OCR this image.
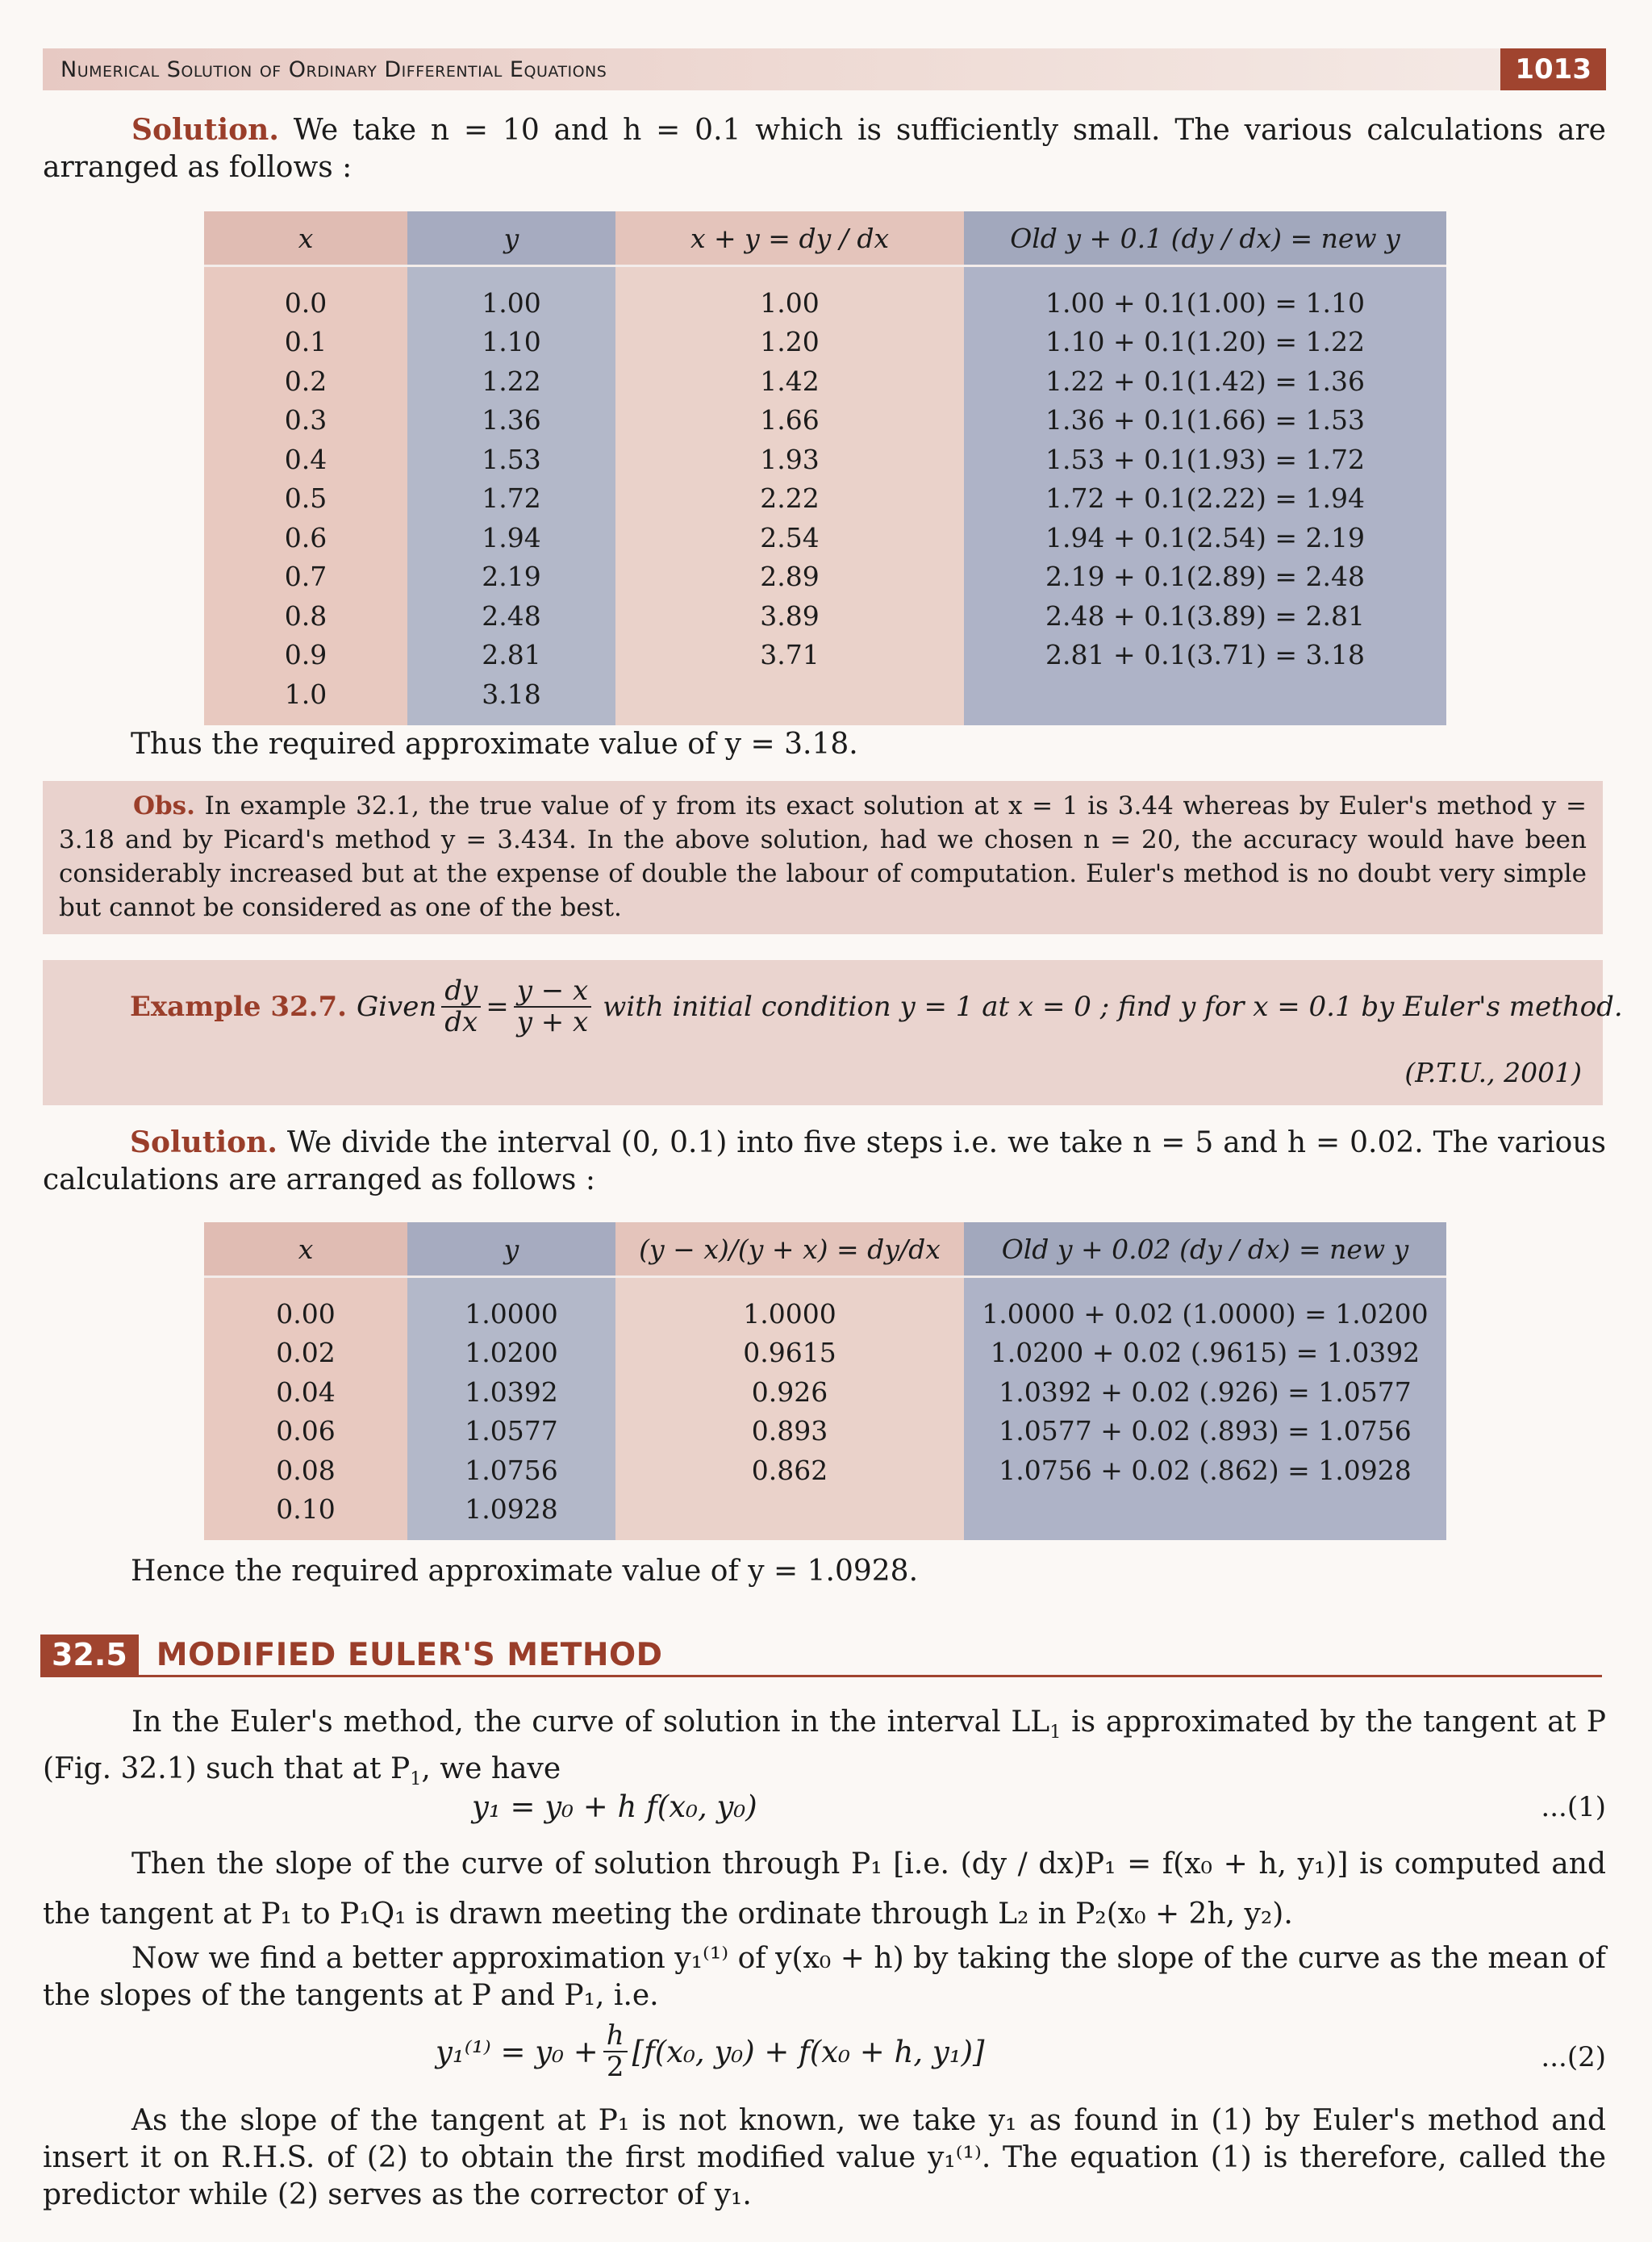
Numerical Solution of Ordinary Differential Equations	1013

Solution. We take n = 10 and h = 0.1 which is sufficiently small. The various calculations are arranged as follows :

x	y	x + y = dy / dx	Old y + 0.1 (dy / dx) = new y

0.0	1.00	1.00	1.00 + 0.1(1.00) = 1.10
0.1	1.10	1.20	1.10 + 0.1(1.20) = 1.22
0.2	1.22	1.42	1.22 + 0.1(1.42) = 1.36
0.3	1.36	1.66	1.36 + 0.1(1.66) = 1.53
0.4	1.53	1.93	1.53 + 0.1(1.93) = 1.72
0.5	1.72	2.22	1.72 + 0.1(2.22) = 1.94
0.6	1.94	2.54	1.94 + 0.1(2.54) = 2.19
0.7	2.19	2.89	2.19 + 0.1(2.89) = 2.48
0.8	2.48	3.89	2.48 + 0.1(3.89) = 2.81
0.9	2.81	3.71	2.81 + 0.1(3.71) = 3.18
1.0	3.18		

Thus the required approximate value of y = 3.18.

Obs. In example 32.1, the true value of y from its exact solution at x = 1 is 3.44 whereas by Euler's method y = 3.18 and by Picard's method y = 3.434. In the above solution, had we chosen n = 20, the accuracy would have been considerably increased but at the expense of double the labour of computation. Euler's method is no doubt very simple but cannot be considered as one of the best.

Example 32.7. Given $\frac{dy}{dx} = \frac{y - x}{y + x}$ with initial condition y = 1 at x = 0 ; find y for x = 0.1 by Euler's method.
(P.T.U., 2001)

Solution. We divide the interval (0, 0.1) into five steps i.e. we take n = 5 and h = 0.02. The various calculations are arranged as follows :

x	y	(y − x)/(y + x) = dy/dx	Old y + 0.02 (dy / dx) = new y

0.00	1.0000	1.0000	1.0000 + 0.02 (1.0000) = 1.0200
0.02	1.0200	0.9615	1.0200 + 0.02 (.9615) = 1.0392
0.04	1.0392	0.926	1.0392 + 0.02 (.926) = 1.0577
0.06	1.0577	0.893	1.0577 + 0.02 (.893) = 1.0756
0.08	1.0756	0.862	1.0756 + 0.02 (.862) = 1.0928
0.10	1.0928		

Hence the required approximate value of y = 1.0928.

32.5 MODIFIED EULER'S METHOD

In the Euler's method, the curve of solution in the interval $LL_1$ is approximated by the tangent at P (Fig. 32.1) such that at $P_1$, we have

y₁ = y₀ + h f(x₀, y₀)	...(1)

Then the slope of the curve of solution through P₁ [i.e. (dy / dx)P₁ = f(x₀ + h, y₁)] is computed and the tangent at P₁ to P₁Q₁ is drawn meeting the ordinate through L₂ in P₂(x₀ + 2h, y₂).

Now we find a better approximation y₁⁽¹⁾ of y(x₀ + h) by taking the slope of the curve as the mean of the slopes of the tangents at P and P₁, i.e.

$y_1^{(1)} = y_0 + \frac{h}{2} [f(x_0$, y₀) + f(x₀ + h, y₁)]	...(2)

As the slope of the tangent at P₁ is not known, we take y₁ as found in (1) by Euler's method and insert it on R.H.S. of (2) to obtain the first modified value y₁⁽¹⁾. The equation (1) is therefore, called the predictor while (2) serves as the corrector of y₁.
